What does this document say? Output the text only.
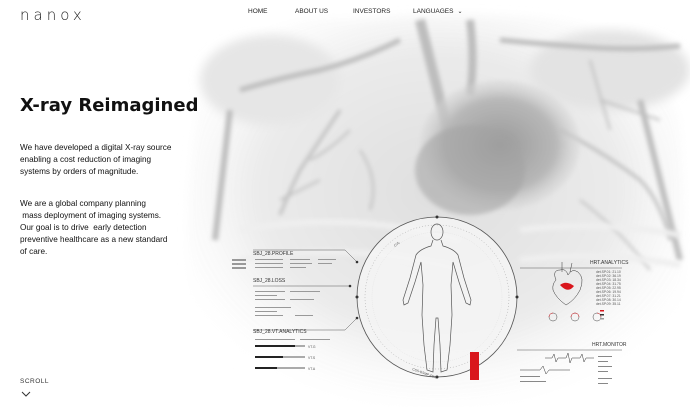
nanox	HOME	ABOUT US	INVESTORS	LANGUAGES ⌄
X-ray Reimagined
We have developed a digital X-ray source
enabling a cost reduction of imaging
systems by orders of magnitude.
We are a global company planning
mass deployment of imaging systems.
Our goal is to drive  early detection
preventive healthcare as a new standard
of care.
SCROLL
CVL
CSS-BSMP-FBR
SBJ_28.PROFILE
SBJ_28.LOSS
SBJ_28.VT.ANALYTICS
HRT.ANALYTICS
HRT.MONITOR
VT.G
VT.S
VT.A
det.SP.01: 21.10
det.SP.02: 36.19
det.SP.03: 18.34
det.SP.04: 31.75
det.SP.05: 22.95
det.SP.06: 19.94
det.SP.07: 31.21
det.SP.08: 30.14
det.SP.09: 35.11
